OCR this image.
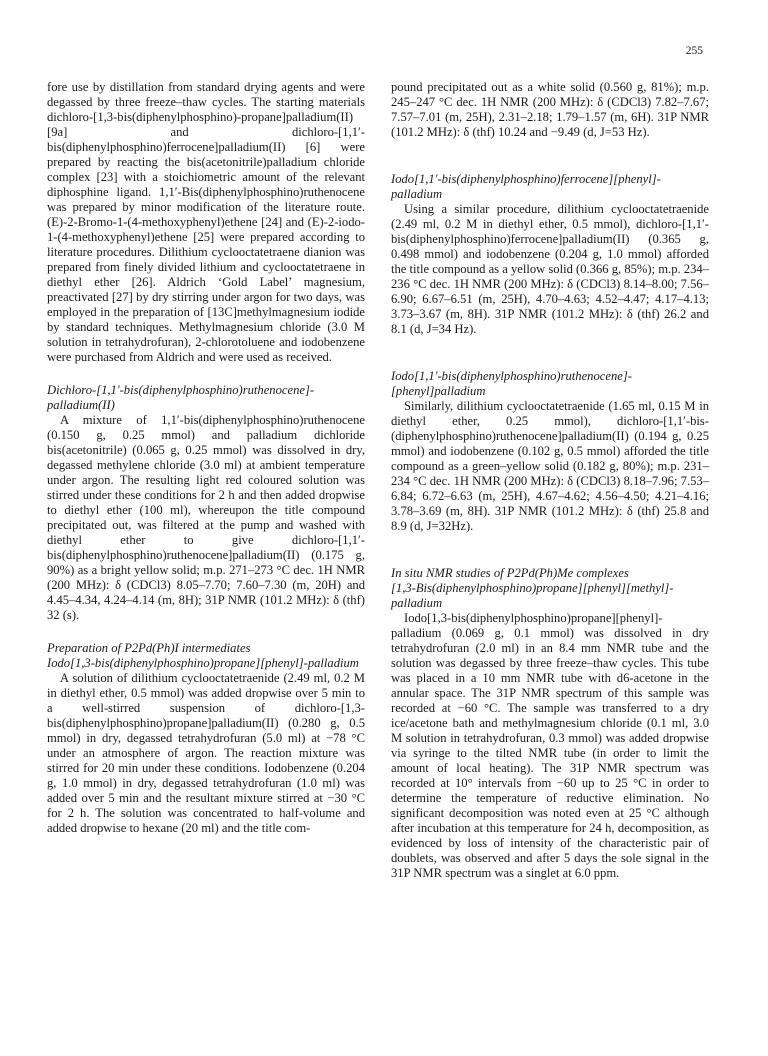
255

fore use by distillation from standard drying agents and were degassed by three freeze–thaw cycles. The starting materials dichloro-[1,3-bis(diphenylphosphino)-propane]palladium(II) [9a] and dichloro-[1,1′-bis(diphenylphosphino)ferrocene]palladium(II) [6] were prepared by reacting the bis(acetonitrile)palladium chloride complex [23] with a stoichiometric amount of the relevant diphosphine ligand. 1,1′-Bis(diphenylphosphino)ruthenocene was prepared by minor modification of the literature route. (E)-2-Bromo-1-(4-methoxyphenyl)ethene [24] and (E)-2-iodo-1-(4-methoxyphenyl)ethene [25] were prepared according to literature procedures. Dilithium cyclooctatetraene dianion was prepared from finely divided lithium and cyclooctatetraene in diethyl ether [26]. Aldrich ‘Gold Label’ magnesium, preactivated [27] by dry stirring under argon for two days, was employed in the preparation of [13C]methylmagnesium iodide by standard techniques. Methylmagnesium chloride (3.0 M solution in tetrahydrofuran), 2-chlorotoluene and iodobenzene were purchased from Aldrich and were used as received.

Dichloro-[1,1′-bis(diphenylphosphino)ruthenocene]-palladium(II)

A mixture of 1,1′-bis(diphenylphosphino)ruthenocene (0.150 g, 0.25 mmol) and palladium dichloride bis(acetonitrile) (0.065 g, 0.25 mmol) was dissolved in dry, degassed methylene chloride (3.0 ml) at ambient temperature under argon. The resulting light red coloured solution was stirred under these conditions for 2 h and then added dropwise to diethyl ether (100 ml), whereupon the title compound precipitated out, was filtered at the pump and washed with diethyl ether to give dichloro-[1,1′-bis(diphenylphosphino)ruthenocene]palladium(II) (0.175 g, 90%) as a bright yellow solid; m.p. 271–273 °C dec. 1H NMR (200 MHz): δ (CDCl3) 8.05–7.70; 7.60–7.30 (m, 20H) and 4.45–4.34, 4.24–4.14 (m, 8H); 31P NMR (101.2 MHz): δ (thf) 32 (s).

Preparation of P2Pd(Ph)I intermediates

Iodo[1,3-bis(diphenylphosphino)propane][phenyl]-palladium

A solution of dilithium cyclooctatetraenide (2.49 ml, 0.2 M in diethyl ether, 0.5 mmol) was added dropwise over 5 min to a well-stirred suspension of dichloro-[1,3-bis(diphenylphosphino)propane]palladium(II) (0.280 g, 0.5 mmol) in dry, degassed tetrahydrofuran (5.0 ml) at −78 °C under an atmosphere of argon. The reaction mixture was stirred for 20 min under these conditions. Iodobenzene (0.204 g, 1.0 mmol) in dry, degassed tetrahydrofuran (1.0 ml) was added over 5 min and the resultant mixture stirred at −30 °C for 2 h. The solution was concentrated to half-volume and added dropwise to hexane (20 ml) and the title com-

pound precipitated out as a white solid (0.560 g, 81%); m.p. 245–247 °C dec. 1H NMR (200 MHz): δ (CDCl3) 7.82–7.67; 7.57–7.01 (m, 25H), 2.31–2.18; 1.79–1.57 (m, 6H). 31P NMR (101.2 MHz): δ (thf) 10.24 and −9.49 (d, J=53 Hz).

Iodo[1,1′-bis(diphenylphosphino)ferrocene][phenyl]-palladium

Using a similar procedure, dilithium cyclooctatetraenide (2.49 ml, 0.2 M in diethyl ether, 0.5 mmol), dichloro-[1,1′-bis(diphenylphosphino)ferrocene]palladium(II) (0.365 g, 0.498 mmol) and iodobenzene (0.204 g, 1.0 mmol) afforded the title compound as a yellow solid (0.366 g, 85%); m.p. 234–236 °C dec. 1H NMR (200 MHz): δ (CDCl3) 8.14–8.00; 7.56–6.90; 6.67–6.51 (m, 25H), 4.70–4.63; 4.52–4.47; 4.17–4.13; 3.73–3.67 (m, 8H). 31P NMR (101.2 MHz): δ (thf) 26.2 and 8.1 (d, J=34 Hz).

Iodo[1,1′-bis(diphenylphosphino)ruthenocene]-[phenyl]palladium

Similarly, dilithium cyclooctatetraenide (1.65 ml, 0.15 M in diethyl ether, 0.25 mmol), dichloro-[1,1′-bis-(diphenylphosphino)ruthenocene]palladium(II) (0.194 g, 0.25 mmol) and iodobenzene (0.102 g, 0.5 mmol) afforded the title compound as a green–yellow solid (0.182 g, 80%); m.p. 231–234 °C dec. 1H NMR (200 MHz): δ (CDCl3) 8.18–7.96; 7.53–6.84; 6.72–6.63 (m, 25H), 4.67–4.62; 4.56–4.50; 4.21–4.16; 3.78–3.69 (m, 8H). 31P NMR (101.2 MHz): δ (thf) 25.8 and 8.9 (d, J=32Hz).

In situ NMR studies of P2Pd(Ph)Me complexes

[1,3-Bis(diphenylphosphino)propane][phenyl][methyl]-palladium

Iodo[1,3-bis(diphenylphosphino)propane][phenyl]-palladium (0.069 g, 0.1 mmol) was dissolved in dry tetrahydrofuran (2.0 ml) in an 8.4 mm NMR tube and the solution was degassed by three freeze–thaw cycles. This tube was placed in a 10 mm NMR tube with d6-acetone in the annular space. The 31P NMR spectrum of this sample was recorded at −60 °C. The sample was transferred to a dry ice/acetone bath and methylmagnesium chloride (0.1 ml, 3.0 M solution in tetrahydrofuran, 0.3 mmol) was added dropwise via syringe to the tilted NMR tube (in order to limit the amount of local heating). The 31P NMR spectrum was recorded at 10° intervals from −60 up to 25 °C in order to determine the temperature of reductive elimination. No significant decomposition was noted even at 25 °C although after incubation at this temperature for 24 h, decomposition, as evidenced by loss of intensity of the characteristic pair of doublets, was observed and after 5 days the sole signal in the 31P NMR spectrum was a singlet at 6.0 ppm.
